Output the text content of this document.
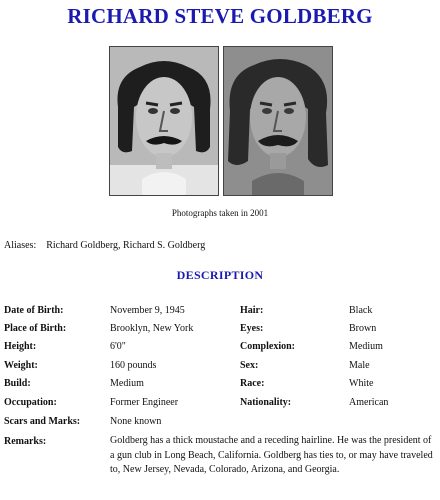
RICHARD STEVE GOLDBERG
Photographs taken in 2001
Aliases: Richard Goldberg, Richard S. Goldberg
DESCRIPTION
Date of Birth:	November 9, 1945	Hair:	Black
Place of Birth:	Brooklyn, New York	Eyes:	Brown
Height:	6'0"	Complexion:	Medium
Weight:	160 pounds	Sex:	Male
Build:	Medium	Race:	White
Occupation:	Former Engineer	Nationality:	American
Scars and Marks:	None known
Remarks:	Goldberg has a thick moustache and a receding hairline. He was the president of a gun club in Long Beach, California. Goldberg has ties to, or may have traveled to, New Jersey, Nevada, Colorado, Arizona, and Georgia.
